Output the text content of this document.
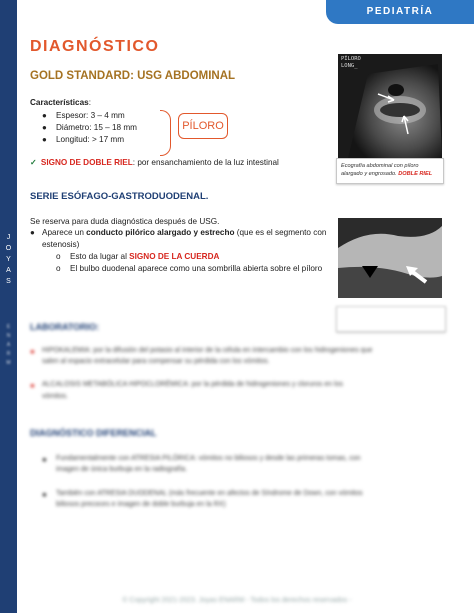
J
O
Y
A
S
E
N
A
R
M
PEDIATRÍA
DIAGNÓSTICO
GOLD STANDARD: USG ABDOMINAL
Características:
● Espesor: 3 – 4 mm
● Diámetro: 15 – 18 mm
● Longitud: > 17 mm
PÍLORO
✓ SIGNO DE DOBLE RIEL: por ensanchamiento de la luz intestinal
PÍLORO
LONG_
Ecografía abdominal con píloro
alargado y engrosado. DOBLE RIEL
SERIE ESÓFAGO-GASTRODUODENAL.
Se reserva para duda diagnóstica después de USG.
● Aparece un conducto pilórico alargado y estrecho (que es el segmento con
estenosis)
o Esto da lugar al SIGNO DE LA CUERDA
o El bulbo duodenal aparece como una sombrilla abierta sobre el píloro
LABORATORIO:
● HIPOKALEMIA: por la difusión del potasio al interior de la célula en intercambio con los hidrogeniones que
salen al espacio extracelular para compensar su pérdida con los vómitos.
● ALCALOSIS METABÓLICA HIPOCLORÉMICA: por la pérdida de hidrogeniones y cloruros en los
vómitos.
DIAGNÓSTICO DIFERENCIAL
● Fundamentalmente con ATRESIA PILÓRICA: vómitos no biliosos y desde las primeras tomas, con
imagen de única burbuja en la radiografía.
● También con ATRESIA DUODENAL (más frecuente en afectos de Síndrome de Down, con vómitos
biliosos precoces e imagen de doble burbuja en la RX)
© Copyright 2021-2023. Joyas ENARM - Todos los derechos reservados -
